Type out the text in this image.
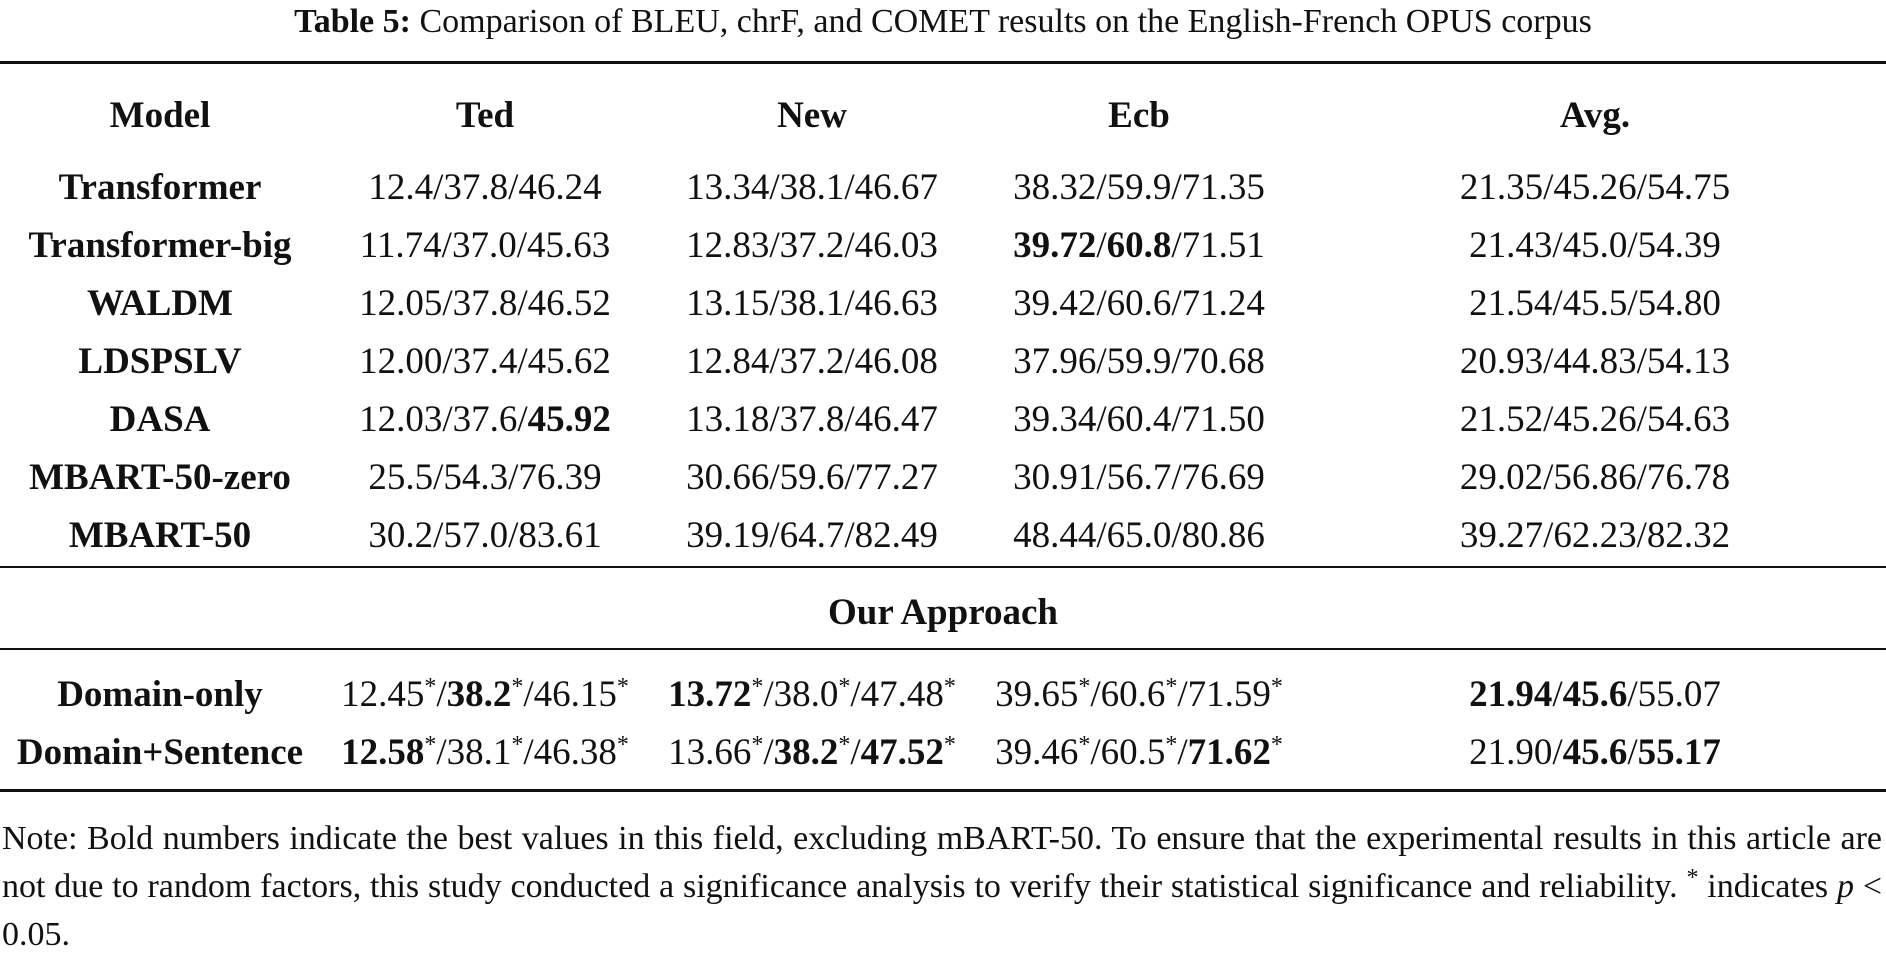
Table 5: Comparison of BLEU, chrF, and COMET results on the English-French OPUS corpus
Model	Ted	New	Ecb	Avg.
Transformer	12.4/37.8/46.24	13.34/38.1/46.67	38.32/59.9/71.35	21.35/45.26/54.75
Transformer-big	11.74/37.0/45.63	12.83/37.2/46.03	39.72/60.8/71.51	21.43/45.0/54.39
WALDM	12.05/37.8/46.52	13.15/38.1/46.63	39.42/60.6/71.24	21.54/45.5/54.80
LDSPSLV	12.00/37.4/45.62	12.84/37.2/46.08	37.96/59.9/70.68	20.93/44.83/54.13
DASA	12.03/37.6/45.92	13.18/37.8/46.47	39.34/60.4/71.50	21.52/45.26/54.63
MBART-50-zero	25.5/54.3/76.39	30.66/59.6/77.27	30.91/56.7/76.69	29.02/56.86/76.78
MBART-50	30.2/57.0/83.61	39.19/64.7/82.49	48.44/65.0/80.86	39.27/62.23/82.32
Our Approach
Domain-only	12.45*/38.2*/46.15*	13.72*/38.0*/47.48*	39.65*/60.6*/71.59*	21.94/45.6/55.07
Domain+Sentence	12.58*/38.1*/46.38*	13.66*/38.2*/47.52*	39.46*/60.5*/71.62*	21.90/45.6/55.17
Note: Bold numbers indicate the best values in this field, excluding mBART-50. To ensure that the experimental results in this article are not due to random factors, this study conducted a significance analysis to verify their statistical significance and reliability. * indicates p < 0.05.
